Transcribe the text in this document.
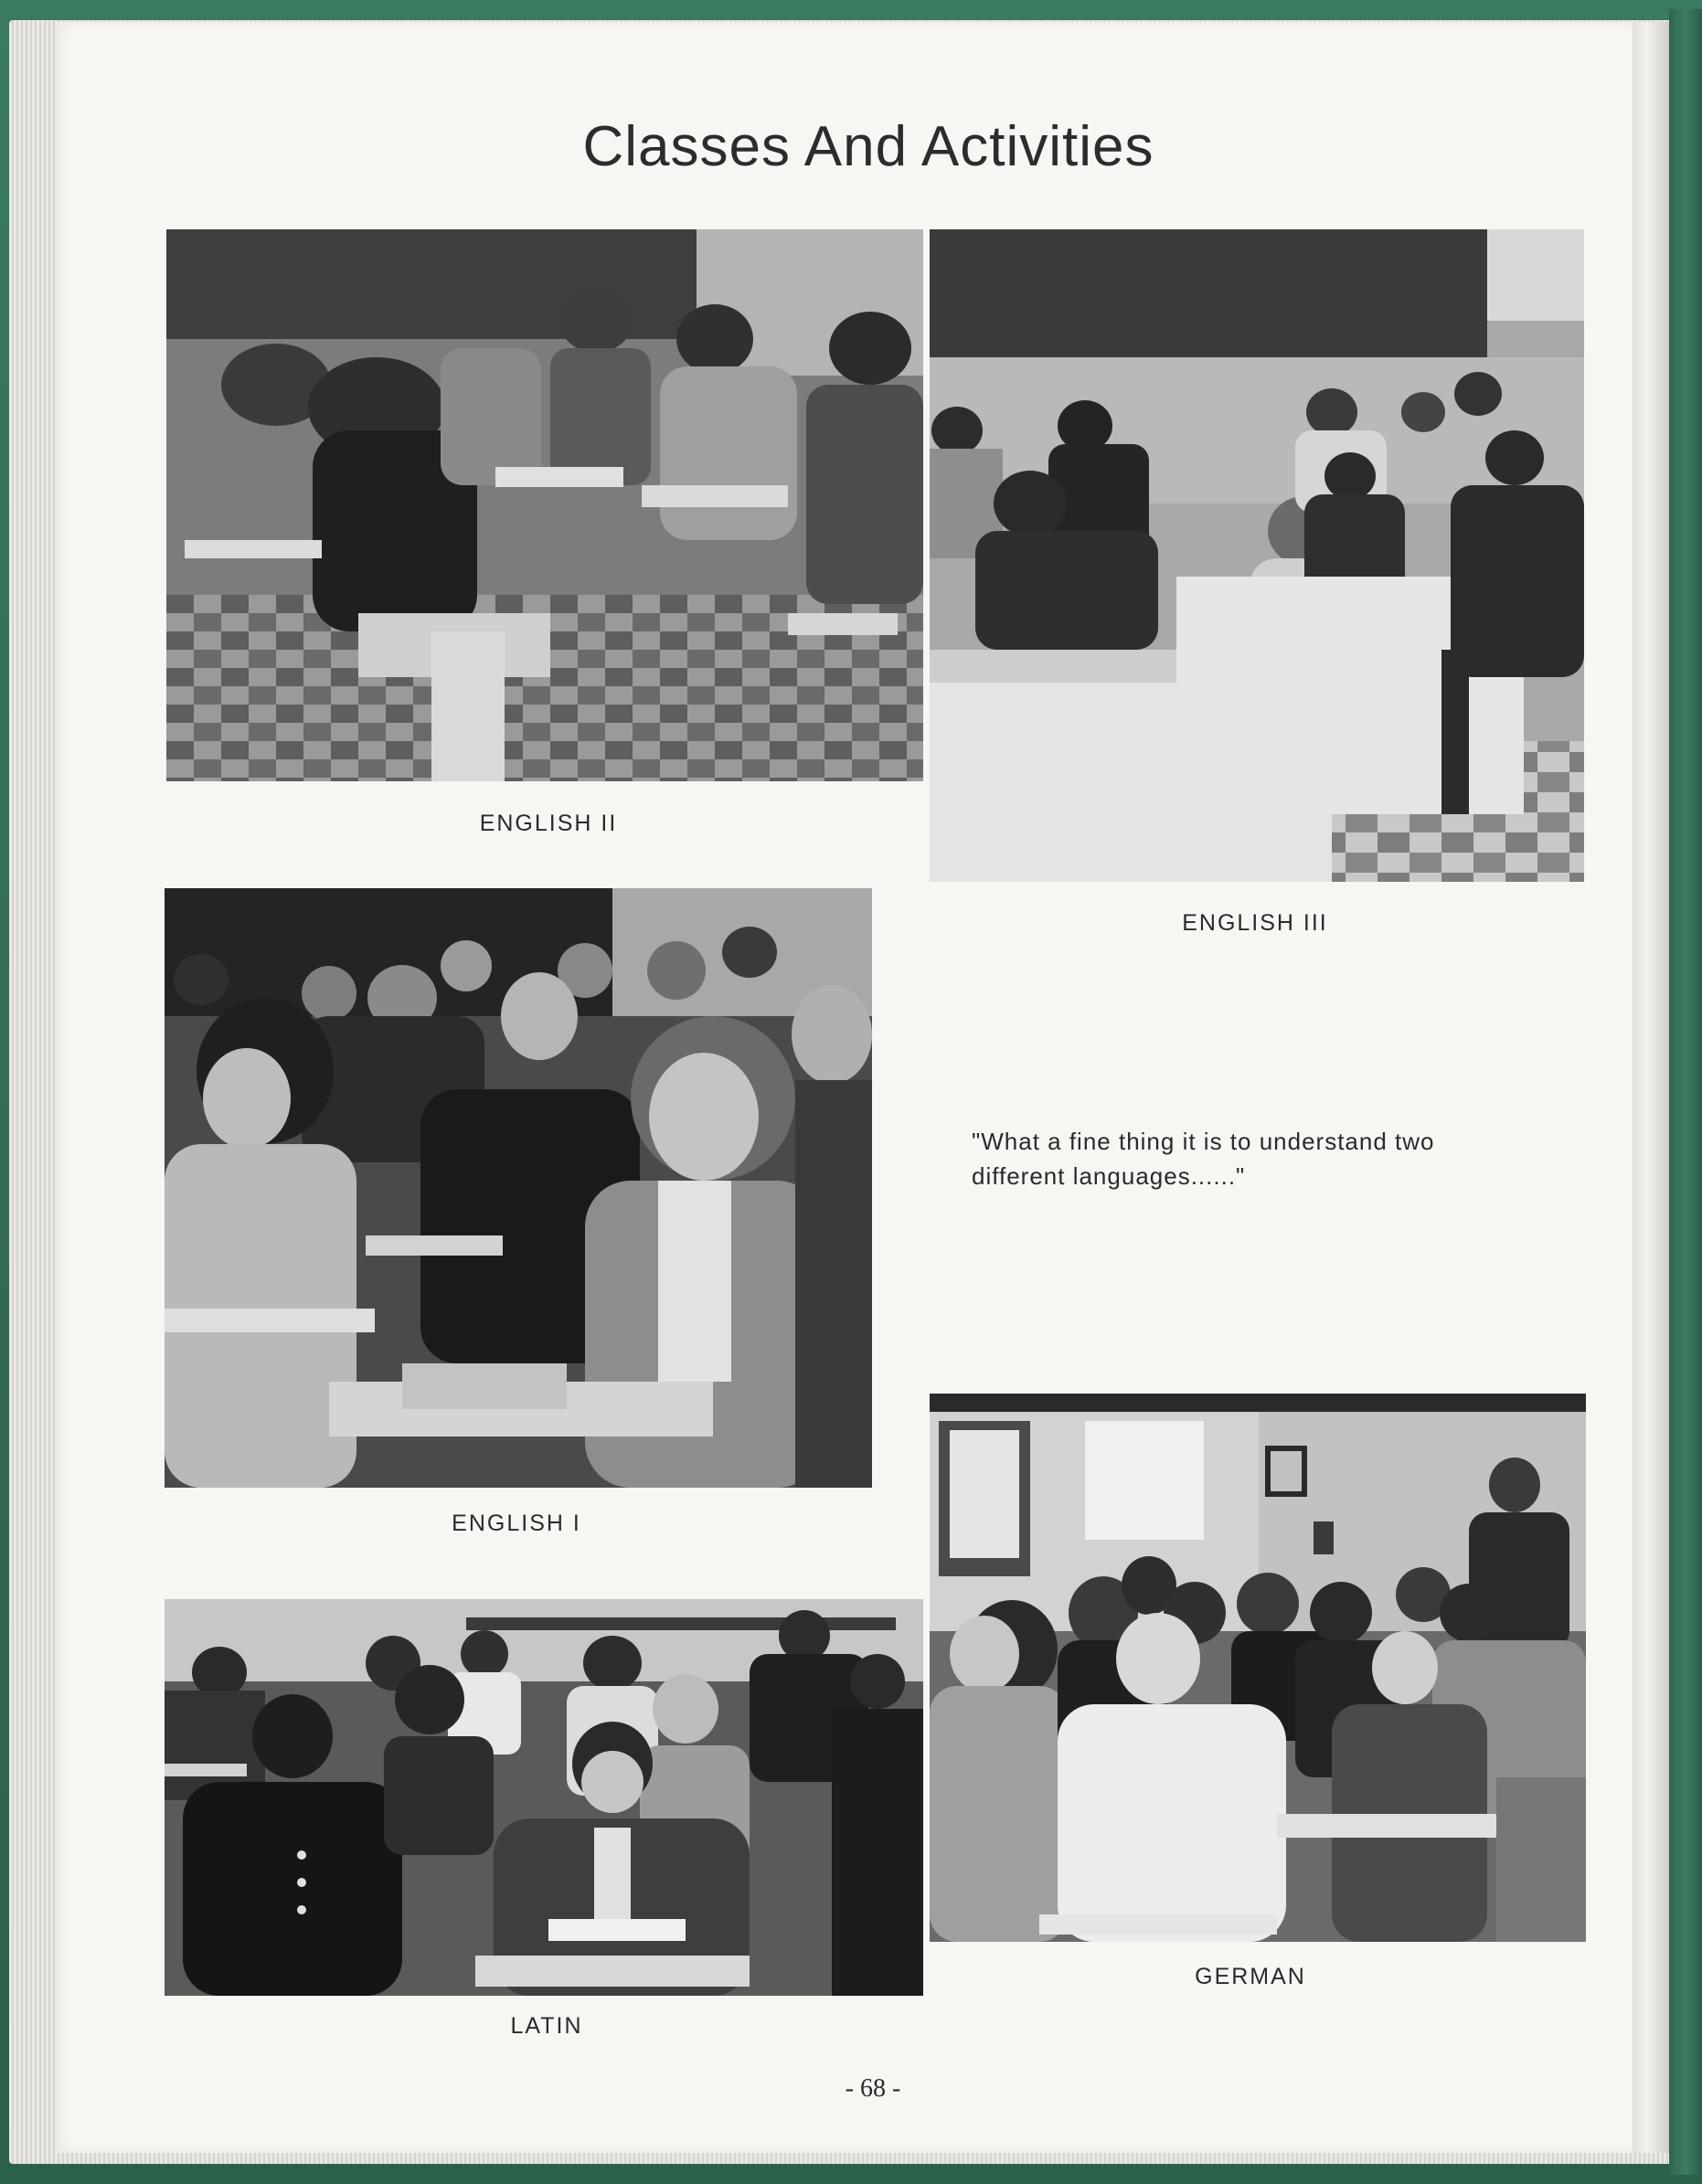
Classes And Activities
ENGLISH II
ENGLISH III
ENGLISH I
"What a fine thing it is to understand two different languages......"
LATIN
GERMAN
- 68 -
